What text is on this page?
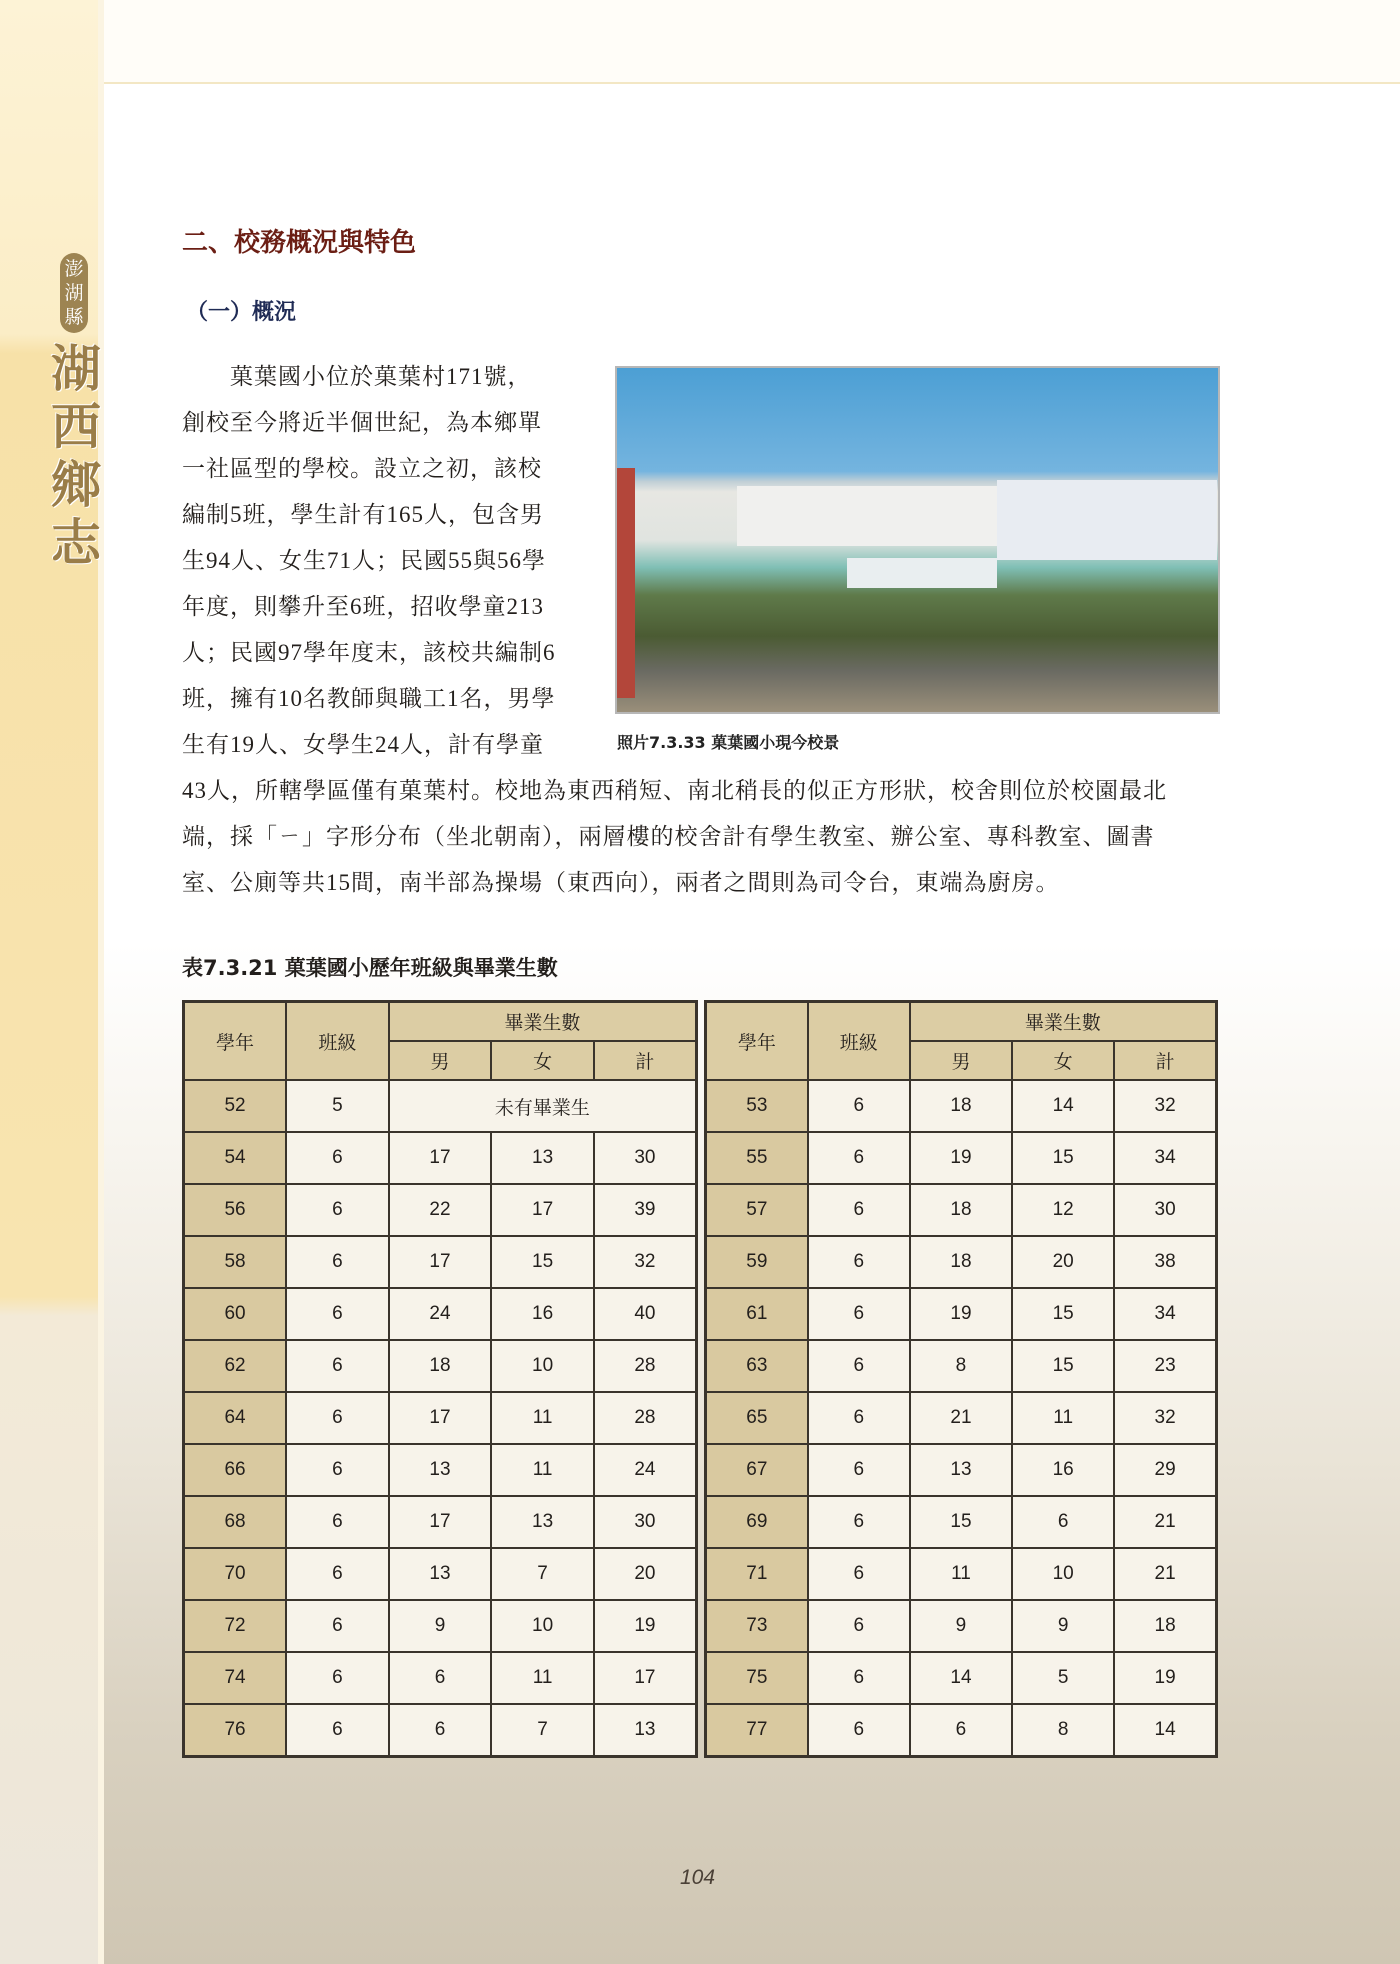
澎
湖
縣
湖
西
鄉
志
二、校務概況與特色
（一）概況
　　菓葉國小位於菓葉村171號，
創校至今將近半個世紀，為本鄉單
一社區型的學校。設立之初，該校
編制5班，學生計有165人，包含男
生94人、女生71人；民國55與56學
年度，則攀升至6班，招收學童213
人；民國97學年度末，該校共編制6
班，擁有10名教師與職工1名，男學
生有19人、女學生24人，計有學童	照片7.3.33 菓葉國小現今校景
43人，所轄學區僅有菓葉村。校地為東西稍短、南北稍長的似正方形狀，校舍則位於校園最北
端，採「ㄧ」字形分布（坐北朝南），兩層樓的校舍計有學生教室、辦公室、專科教室、圖書
室、公廁等共15間，南半部為操場（東西向），兩者之間則為司令台，東端為廚房。
表7.3.21 菓葉國小歷年班級與畢業生數
學年	班級	畢業生數		
		男	女	計
52	5	未有畢業生		
54	6	17	13	30
56	6	22	17	39
58	6	17	15	32
60	6	24	16	40
62	6	18	10	28
64	6	17	11	28
66	6	13	11	24
68	6	17	13	30
70	6	13	7	20
72	6	9	10	19
74	6	6	11	17
76	6	6	7	13
學年	班級	畢業生數		
		男	女	計
53	6	18	14	32
55	6	19	15	34
57	6	18	12	30
59	6	18	20	38
61	6	19	15	34
63	6	8	15	23
65	6	21	11	32
67	6	13	16	29
69	6	15	6	21
71	6	11	10	21
73	6	9	9	18
75	6	14	5	19
77	6	6	8	14
104
